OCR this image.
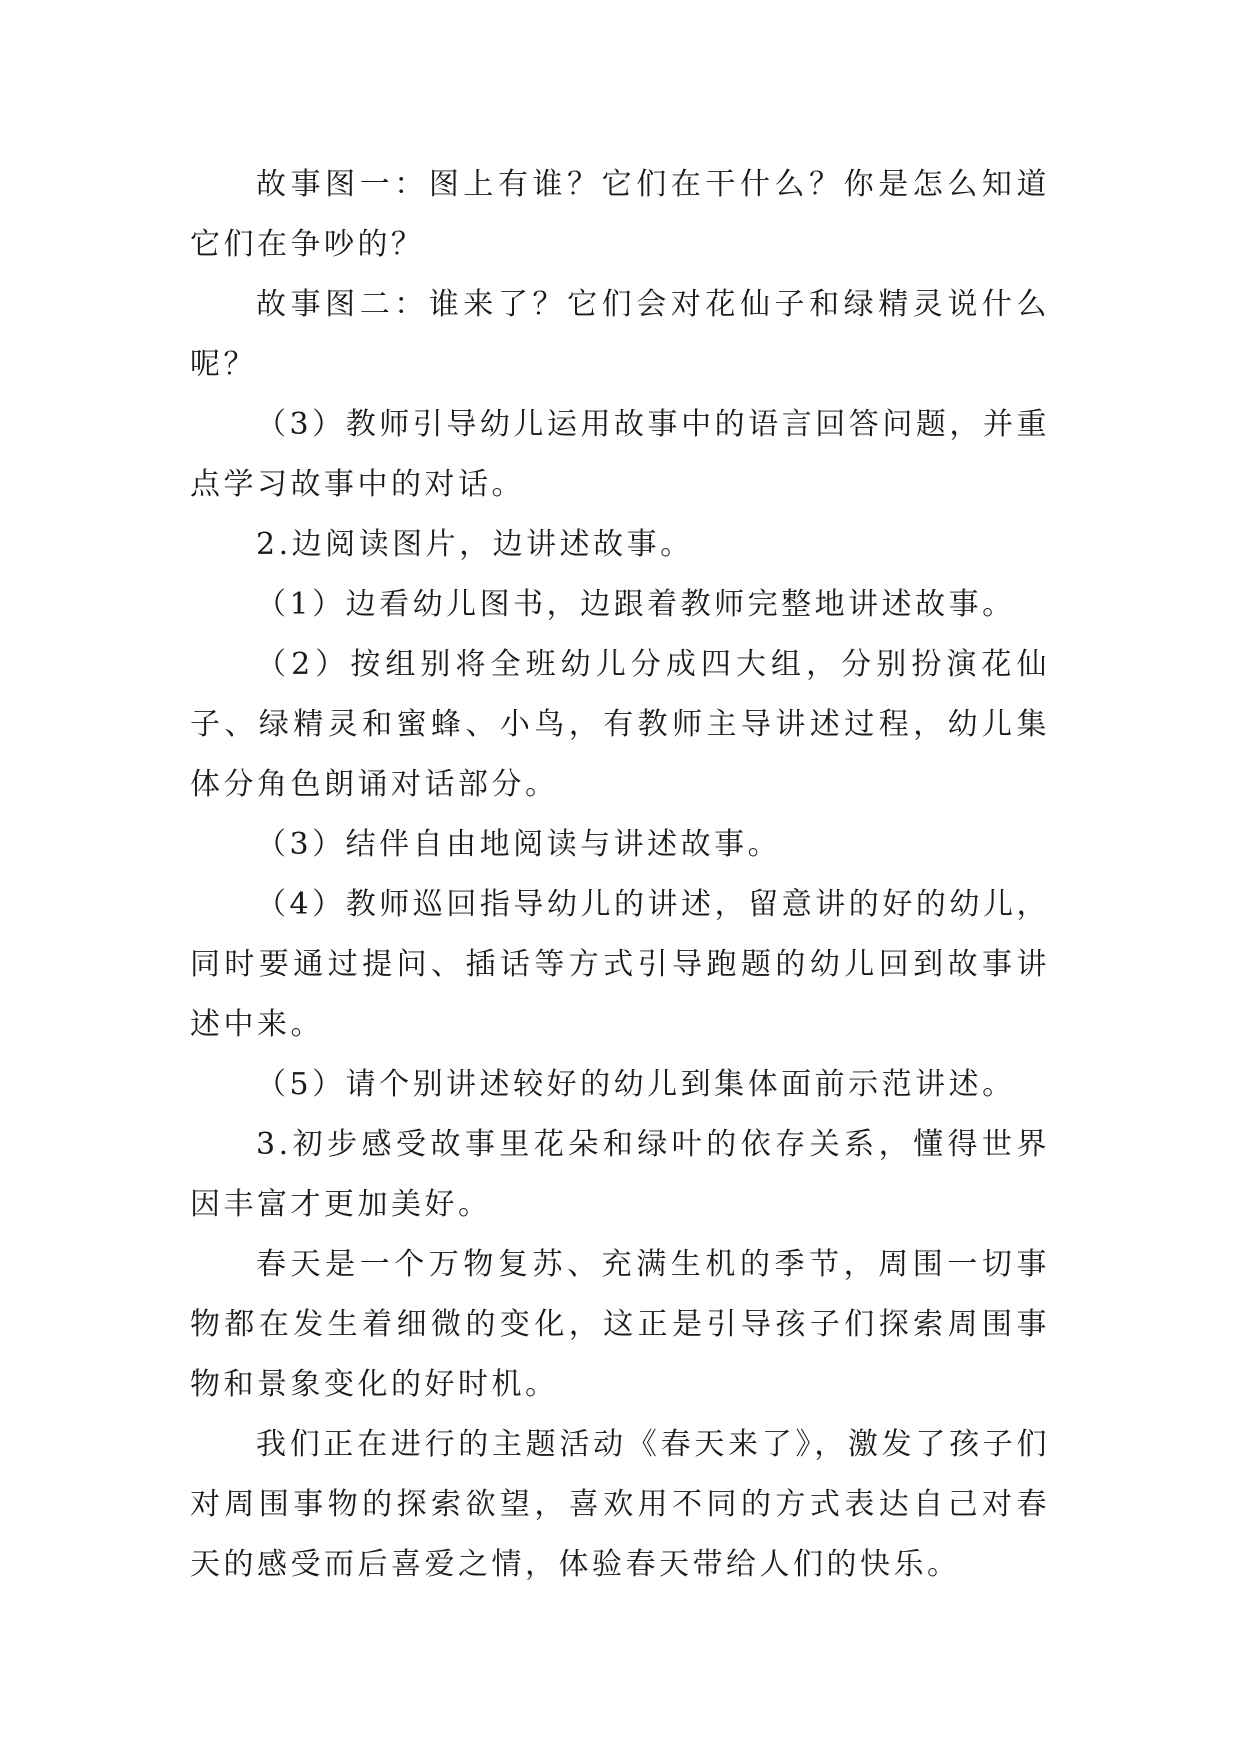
故事图一：图上有谁？它们在干什么？你是怎么知道它们在争吵的？

故事图二：谁来了？它们会对花仙子和绿精灵说什么呢？

（3）教师引导幼儿运用故事中的语言回答问题，并重点学习故事中的对话。

2.边阅读图片，边讲述故事。

（1）边看幼儿图书，边跟着教师完整地讲述故事。

（2）按组别将全班幼儿分成四大组，分别扮演花仙子、绿精灵和蜜蜂、小鸟，有教师主导讲述过程，幼儿集体分角色朗诵对话部分。

（3）结伴自由地阅读与讲述故事。

（4）教师巡回指导幼儿的讲述，留意讲的好的幼儿，同时要通过提问、插话等方式引导跑题的幼儿回到故事讲述中来。

（5）请个别讲述较好的幼儿到集体面前示范讲述。

3.初步感受故事里花朵和绿叶的依存关系，懂得世界因丰富才更加美好。

春天是一个万物复苏、充满生机的季节，周围一切事物都在发生着细微的变化，这正是引导孩子们探索周围事物和景象变化的好时机。

我们正在进行的主题活动《春天来了》，激发了孩子们对周围事物的探索欲望，喜欢用不同的方式表达自己对春天的感受而后喜爱之情，体验春天带给人们的快乐。
